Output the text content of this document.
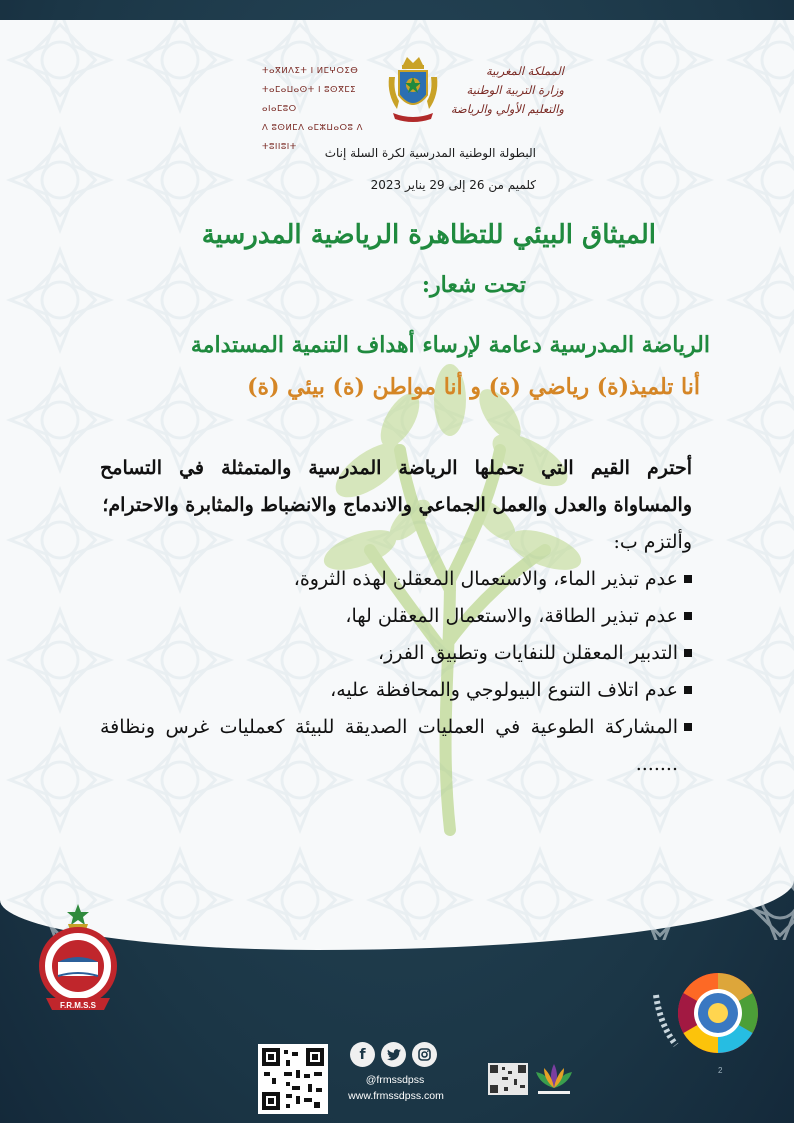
ⵜⴰⴳⵍⴷⵉⵜ ⵏ ⵍⵎⵖⵔⵉⴱ
ⵜⴰⵎⴰⵡⴰⵙⵜ ⵏ ⵓⵙⴳⵎⵉ ⴰⵏⴰⵎⵓⵔ
ⴷ ⵓⵙⵍⵎⴷ ⴰⵎⵣⵡⴰⵔⵓ ⴷ ⵜⵓⵏⵏⵓⵏⵜ
المملكة المغربية
وزارة التربية الوطنية
والتعليم الأولي والرياضة
البطولة الوطنية المدرسية لكرة السلة إناث
كلميم من 26 إلى 29 يناير 2023
الميثاق البيئي للتظاهرة الرياضية المدرسية
تحت شعار:
الرياضة المدرسية دعامة لإرساء أهداف التنمية المستدامة
أنا تلميذ(ة) رياضي (ة) و أنا مواطن (ة) بيئي (ة)

أحترم القيم التي تحملها الرياضة المدرسية والمتمثلة في التسامح والمساواة والعدل والعمل الجماعي والاندماج والانضباط والمثابرة والاحترام؛

وألتزم ب:

عدم تبذير الماء، والاستعمال المعقلن لهذه الثروة،
عدم تبذير الطاقة، والاستعمال المعقلن لها،
التدبير المعقلن للنفايات وتطبيق الفرز،
عدم اتلاف التنوع البيولوجي والمحافظة عليه،
المشاركة الطوعية في العمليات الصديقة للبيئة كعمليات غرس ونظافة .......
F.R.M.S.S
f
@frmssdpss
www.frmssdpss.com
2
